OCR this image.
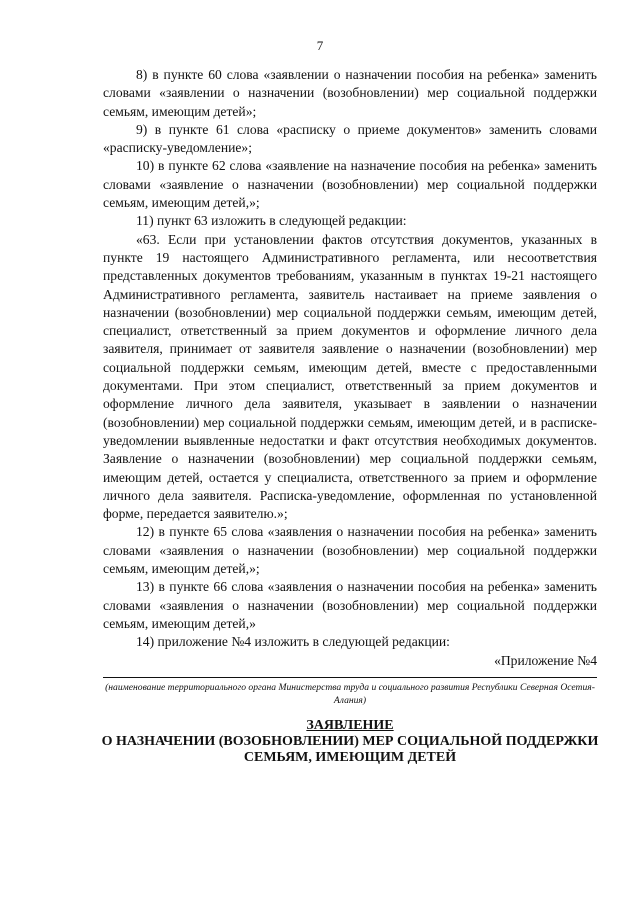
7

8) в пункте 60 слова «заявлении о назначении пособия на ребенка» заменить словами «заявлении о назначении (возобновлении) мер социальной поддержки семьям, имеющим детей»;

9) в пункте 61 слова «расписку о приеме документов» заменить словами «расписку-уведомление»;

10) в пункте 62 слова «заявление на назначение пособия на ребенка» заменить словами «заявление о назначении (возобновлении) мер социальной поддержки семьям, имеющим детей,»;

11) пункт 63 изложить в следующей редакции:

«63. Если при установлении фактов отсутствия документов, указанных в пункте 19 настоящего Административного регламента, или несоответствия представленных документов требованиям, указанным в пунктах 19-21 настоящего Административного регламента, заявитель настаивает на приеме заявления о назначении (возобновлении) мер социальной поддержки семьям, имеющим детей, специалист, ответственный за прием документов и оформление личного дела заявителя, принимает от заявителя заявление о назначении (возобновлении) мер социальной поддержки семьям, имеющим детей, вместе с предоставленными документами. При этом специалист, ответственный за прием документов и оформление личного дела заявителя, указывает в заявлении о назначении (возобновлении) мер социальной поддержки семьям, имеющим детей, и в расписке-уведомлении выявленные недостатки и факт отсутствия необходимых документов. Заявление о назначении (возобновлении) мер социальной поддержки семьям, имеющим детей, остается у специалиста, ответственного за прием и оформление личного дела заявителя. Расписка-уведомление, оформленная по установленной форме, передается заявителю.»;

12) в пункте 65 слова «заявления о назначении пособия на ребенка» заменить словами «заявления о назначении (возобновлении) мер социальной поддержки семьям, имеющим детей,»;

13) в пункте 66 слова «заявления о назначении пособия на ребенка» заменить словами «заявления о назначении (возобновлении) мер социальной поддержки семьям, имеющим детей,»

14) приложение №4 изложить в следующей редакции:

«Приложение №4

(наименование территориального органа Министерства труда и социального развития Республики Северная Осетия-Алания)
ЗАЯВЛЕНИЕ
О НАЗНАЧЕНИИ (ВОЗОБНОВЛЕНИИ) МЕР СОЦИАЛЬНОЙ ПОДДЕРЖКИ
СЕМЬЯМ, ИМЕЮЩИМ ДЕТЕЙ
